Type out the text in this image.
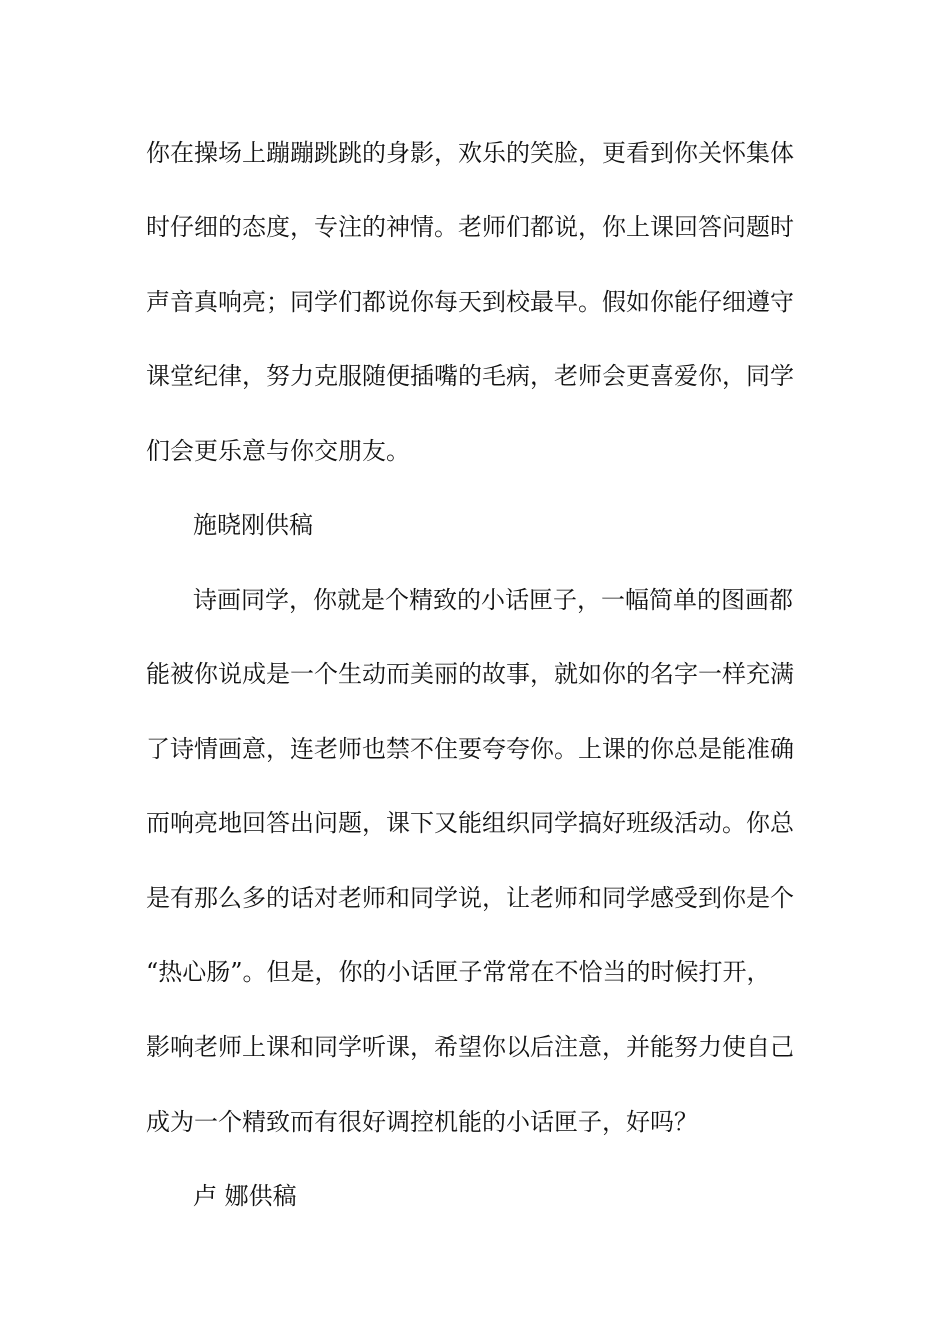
你在操场上蹦蹦跳跳的身影，欢乐的笑脸，更看到你关怀集体
时仔细的态度，专注的神情。老师们都说，你上课回答问题时
声音真响亮；同学们都说你每天到校最早。假如你能仔细遵守
课堂纪律，努力克服随便插嘴的毛病，老师会更喜爱你，同学
们会更乐意与你交朋友。
施晓刚供稿
诗画同学，你就是个精致的小话匣子，一幅简单的图画都
能被你说成是一个生动而美丽的故事，就如你的名字一样充满
了诗情画意，连老师也禁不住要夸夸你。上课的你总是能准确
而响亮地回答出问题，课下又能组织同学搞好班级活动。你总
是有那么多的话对老师和同学说，让老师和同学感受到你是个
“热心肠”。但是，你的小话匣子常常在不恰当的时候打开，
影响老师上课和同学听课，希望你以后注意，并能努力使自己
成为一个精致而有很好调控机能的小话匣子，好吗？
卢 娜供稿
